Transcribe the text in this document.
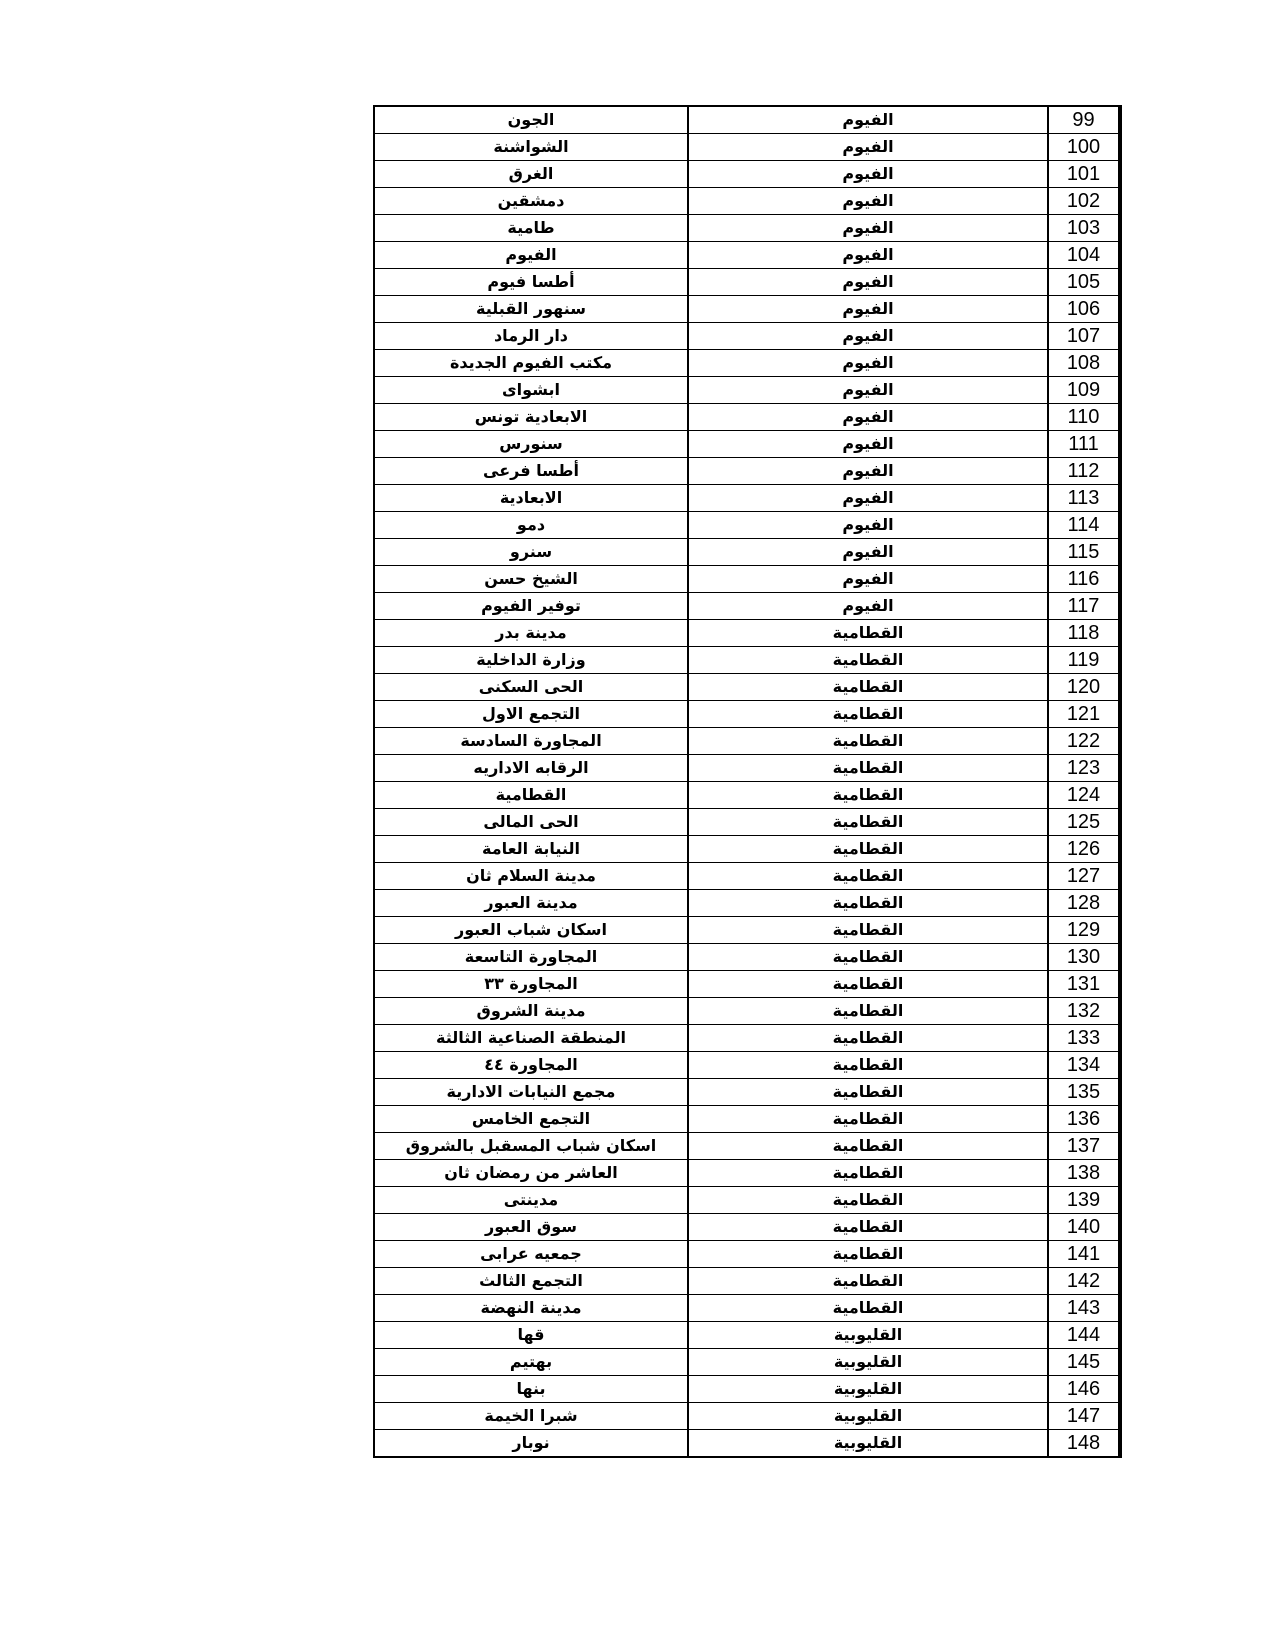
الجون	الفيوم	99
الشواشنة	الفيوم	100
الغرق	الفيوم	101
دمشقين	الفيوم	102
طامية	الفيوم	103
الفيوم	الفيوم	104
أطسا فيوم	الفيوم	105
سنهور القبلية	الفيوم	106
دار الرماد	الفيوم	107
مكتب الفيوم الجديدة	الفيوم	108
ابشواى	الفيوم	109
الابعادية تونس	الفيوم	110
سنورس	الفيوم	111
أطسا فرعى	الفيوم	112
الابعادية	الفيوم	113
دمو	الفيوم	114
سنرو	الفيوم	115
الشيخ حسن	الفيوم	116
توفير الفيوم	الفيوم	117
مدينة بدر	القطامية	118
وزارة الداخلية	القطامية	119
الحى السكنى	القطامية	120
التجمع الاول	القطامية	121
المجاورة السادسة	القطامية	122
الرقابه الاداريه	القطامية	123
القطامية	القطامية	124
الحى المالى	القطامية	125
النيابة العامة	القطامية	126
مدينة السلام ثان	القطامية	127
مدينة العبور	القطامية	128
اسكان شباب العبور	القطامية	129
المجاورة التاسعة	القطامية	130
المجاورة ٣٣	القطامية	131
مدينة الشروق	القطامية	132
المنطقة الصناعية الثالثة	القطامية	133
المجاورة ٤٤	القطامية	134
مجمع النيابات الادارية	القطامية	135
التجمع الخامس	القطامية	136
اسكان شباب المسقبل بالشروق	القطامية	137
العاشر من رمضان ثان	القطامية	138
مدينتى	القطامية	139
سوق العبور	القطامية	140
جمعيه عرابى	القطامية	141
التجمع الثالث	القطامية	142
مدينة النهضة	القطامية	143
قها	القليوبية	144
بهتيم	القليوبية	145
بنها	القليوبية	146
شبرا الخيمة	القليوبية	147
نوبار	القليوبية	148
